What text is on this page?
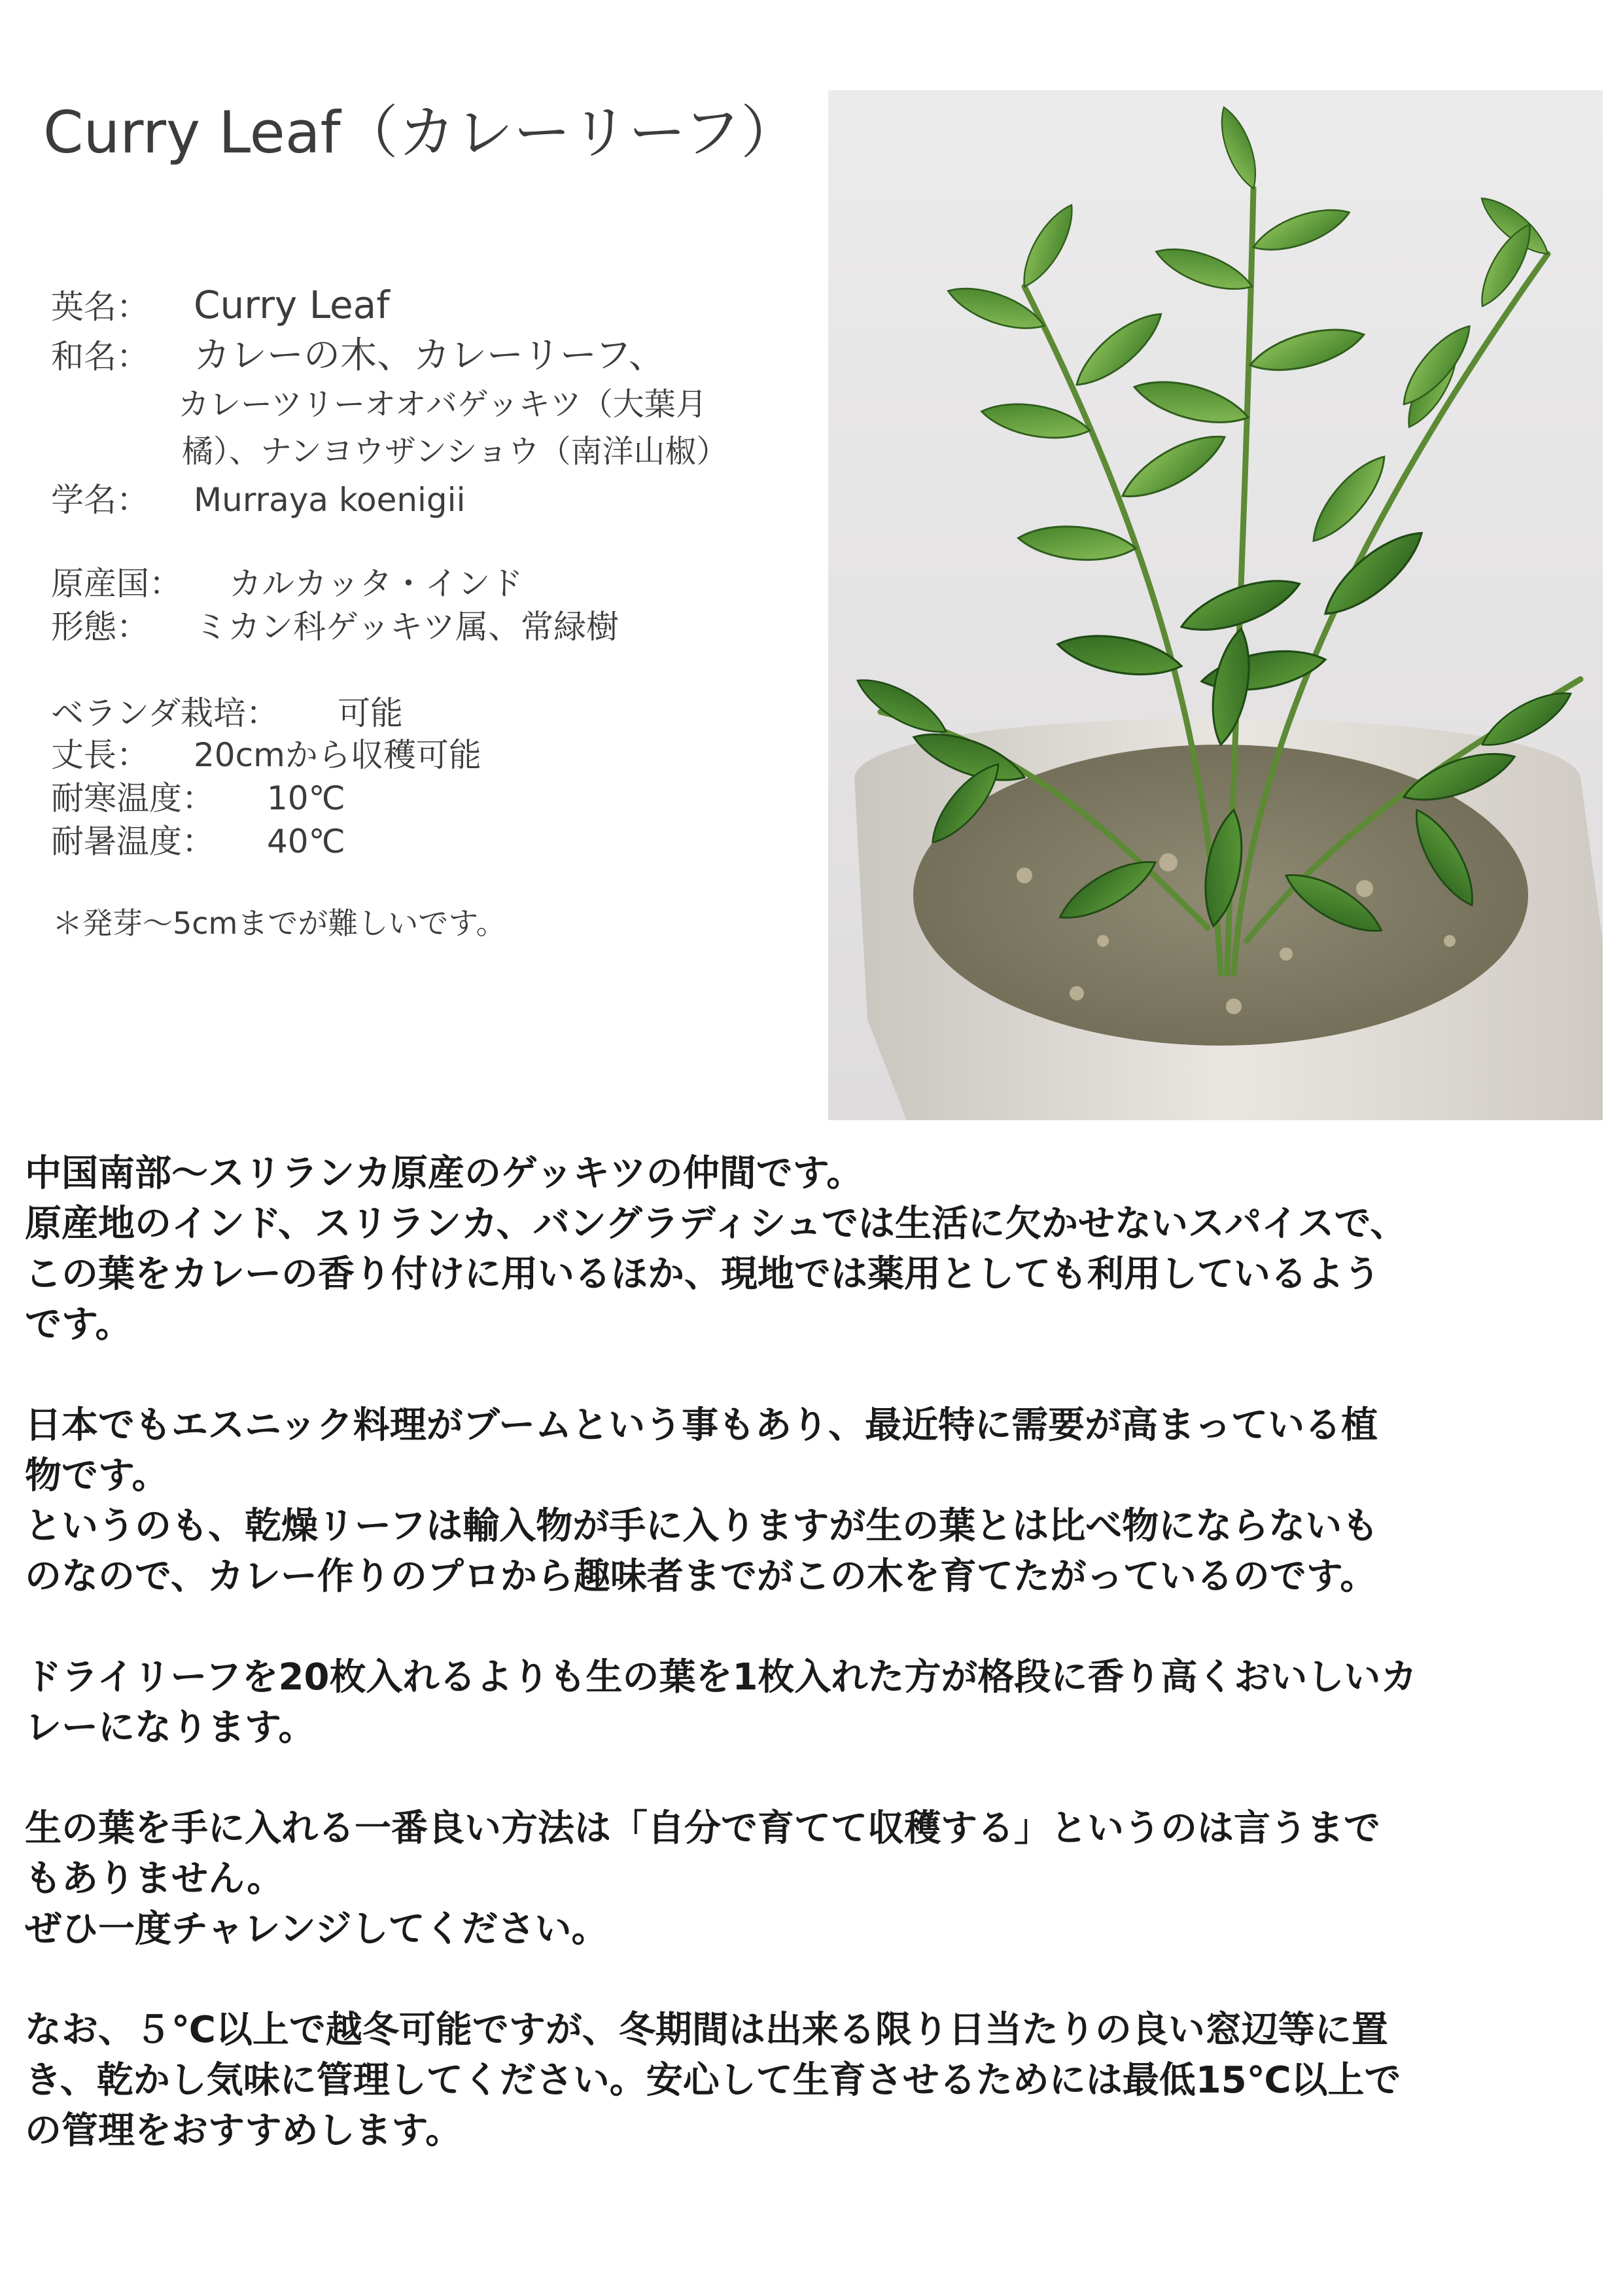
Curry Leaf（カレーリーフ）
英名： Curry Leaf
和名： カレーの木、カレーリーフ、
カレーツリーオオバゲッキツ（大葉月
橘）、ナンヨウザンショウ（南洋山椒）
学名： Murraya koenigii
原産国： カルカッタ・インド
形態： ミカン科ゲッキツ属、常緑樹
ベランダ栽培： 可能
丈長： 20cmから収穫可能
耐寒温度： 10℃
耐暑温度： 40℃
＊発芽～5cmまでが難しいです。

中国南部～スリランカ原産のゲッキツの仲間です。
原産地のインド、スリランカ、バングラディシュでは生活に欠かせないスパイスで、
この葉をカレーの香り付けに用いるほか、現地では薬用としても利用しているよう
です。

日本でもエスニック料理がブームという事もあり、最近特に需要が高まっている植
物です。
というのも、乾燥リーフは輸入物が手に入りますが生の葉とは比べ物にならないも
のなので、カレー作りのプロから趣味者までがこの木を育てたがっているのです。

ドライリーフを20枚入れるよりも生の葉を1枚入れた方が格段に香り高くおいしいカ
レーになります。

生の葉を手に入れる一番良い方法は「自分で育てて収穫する」というのは言うまで
もありません。
ぜひ一度チャレンジしてください。

なお、５℃以上で越冬可能ですが、冬期間は出来る限り日当たりの良い窓辺等に置
き、乾かし気味に管理してください。安心して生育させるためには最低15℃以上で
の管理をおすすめします。
